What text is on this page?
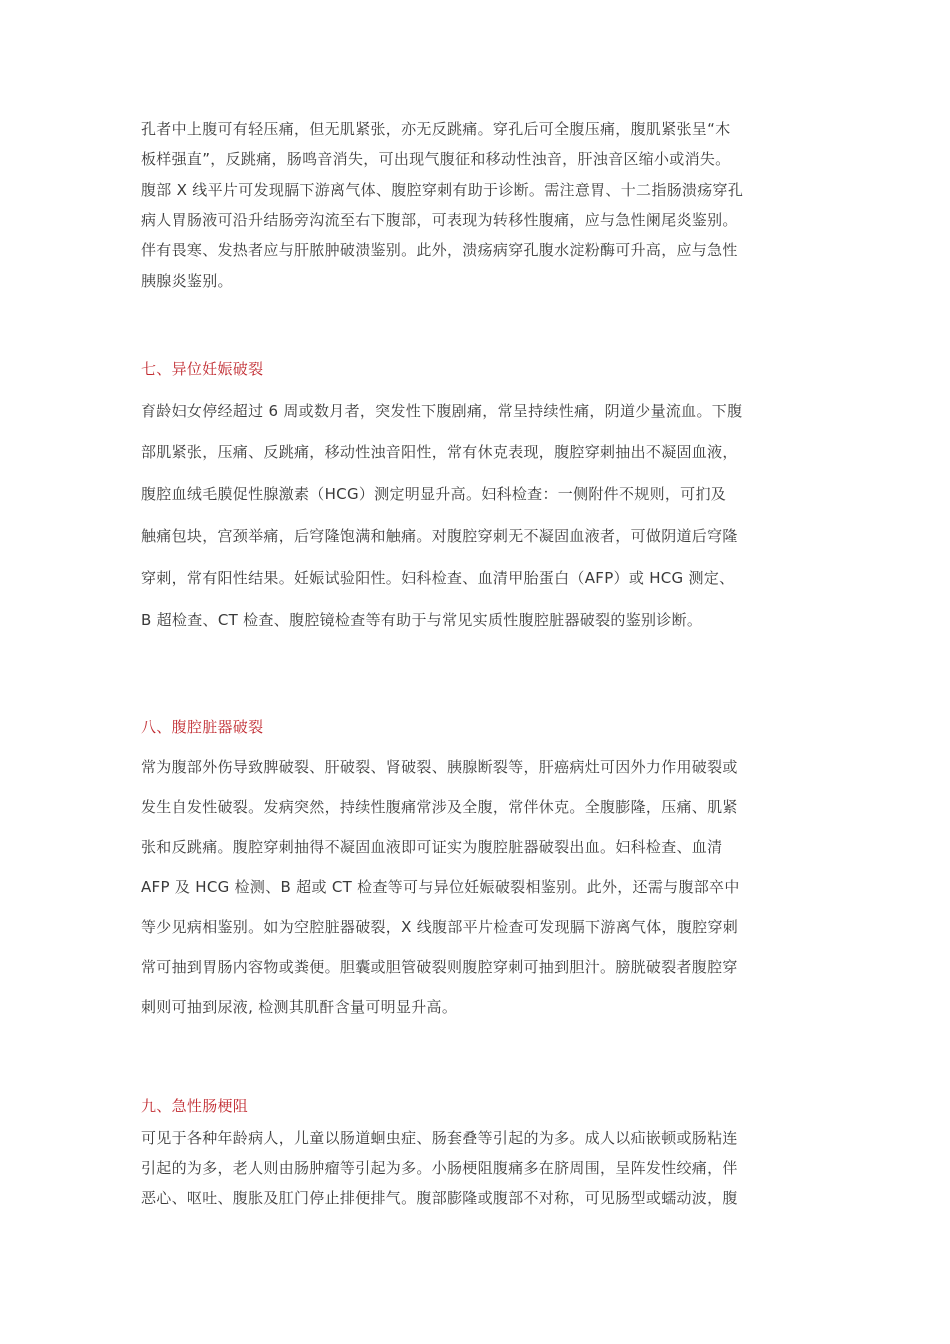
孔者中上腹可有轻压痛，但无肌紧张，亦无反跳痛。穿孔后可全腹压痛，腹肌紧张呈“木
板样强直”，反跳痛，肠鸣音消失，可出现气腹征和移动性浊音，肝浊音区缩小或消失。
腹部 X 线平片可发现膈下游离气体、腹腔穿刺有助于诊断。需注意胃、十二指肠溃疡穿孔
病人胃肠液可沿升结肠旁沟流至右下腹部，可表现为转移性腹痛，应与急性阑尾炎鉴别。
伴有畏寒、发热者应与肝脓肿破溃鉴别。此外，溃疡病穿孔腹水淀粉酶可升高，应与急性
胰腺炎鉴别。
七、异位妊娠破裂
育龄妇女停经超过 6 周或数月者，突发性下腹剧痛，常呈持续性痛，阴道少量流血。下腹
部肌紧张，压痛、反跳痛，移动性浊音阳性，常有休克表现，腹腔穿刺抽出不凝固血液，
腹腔血绒毛膜促性腺激素（HCG）测定明显升高。妇科检查：一侧附件不规则，可扪及
触痛包块，宫颈举痛，后穹隆饱满和触痛。对腹腔穿刺无不凝固血液者，可做阴道后穹隆
穿刺，常有阳性结果。妊娠试验阳性。妇科检查、血清甲胎蛋白（AFP）或 HCG 测定、
B 超检查、CT 检查、腹腔镜检查等有助于与常见实质性腹腔脏器破裂的鉴别诊断。
八、腹腔脏器破裂
常为腹部外伤导致脾破裂、肝破裂、肾破裂、胰腺断裂等，肝癌病灶可因外力作用破裂或
发生自发性破裂。发病突然，持续性腹痛常涉及全腹，常伴休克。全腹膨隆，压痛、肌紧
张和反跳痛。腹腔穿刺抽得不凝固血液即可证实为腹腔脏器破裂出血。妇科检查、血清
AFP 及 HCG 检测、B 超或 CT 检查等可与异位妊娠破裂相鉴别。此外，还需与腹部卒中
等少见病相鉴别。如为空腔脏器破裂，X 线腹部平片检查可发现膈下游离气体，腹腔穿刺
常可抽到胃肠内容物或粪便。胆囊或胆管破裂则腹腔穿刺可抽到胆汁。膀胱破裂者腹腔穿
刺则可抽到尿液, 检测其肌酐含量可明显升高。
九、急性肠梗阻
可见于各种年龄病人，儿童以肠道蛔虫症、肠套叠等引起的为多。成人以疝嵌顿或肠粘连
引起的为多，老人则由肠肿瘤等引起为多。小肠梗阻腹痛多在脐周围，呈阵发性绞痛，伴
恶心、呕吐、腹胀及肛门停止排便排气。腹部膨隆或腹部不对称，可见肠型或蠕动波，腹
